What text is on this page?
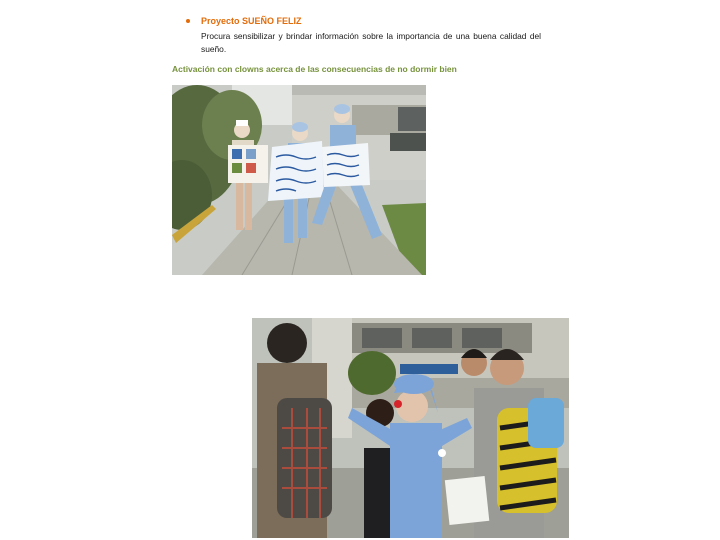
Proyecto SUEÑO FELIZ
Procura sensibilizar y brindar información sobre la importancia de una buena calidad del sueño.
Activación con clowns acerca de las consecuencias de no dormir bien
